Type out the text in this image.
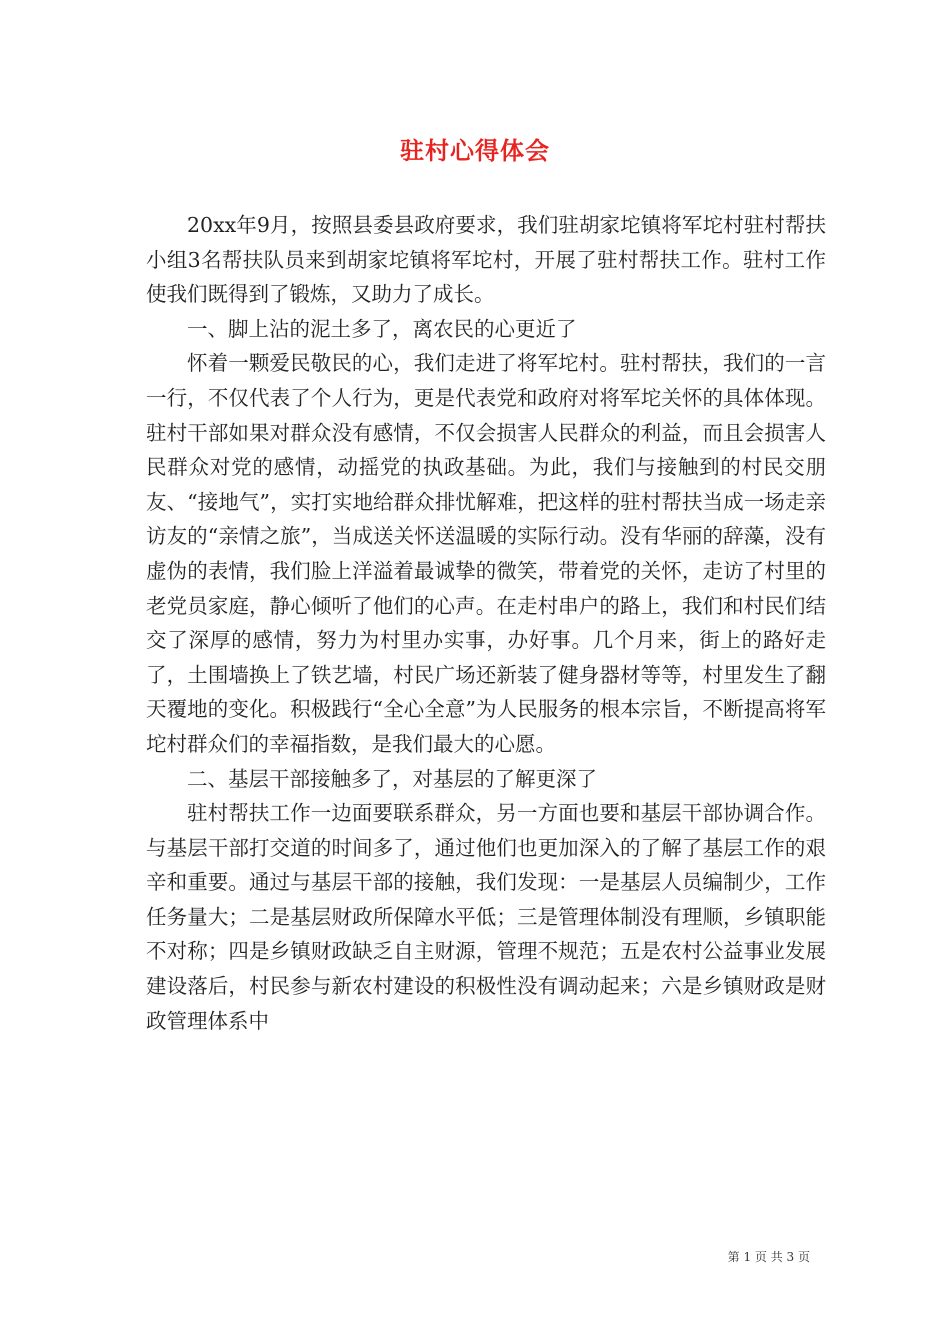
驻村心得体会

20xx年9月，按照县委县政府要求，我们驻胡家坨镇将军坨村驻村帮扶小组3名帮扶队员来到胡家坨镇将军坨村，开展了驻村帮扶工作。驻村工作使我们既得到了锻炼，又助力了成长。

一、脚上沾的泥土多了，离农民的心更近了

怀着一颗爱民敬民的心，我们走进了将军坨村。驻村帮扶，我们的一言一行，不仅代表了个人行为，更是代表党和政府对将军坨关怀的具体体现。驻村干部如果对群众没有感情，不仅会损害人民群众的利益，而且会损害人民群众对党的感情，动摇党的执政基础。为此，我们与接触到的村民交朋友、“接地气”，实打实地给群众排忧解难，把这样的驻村帮扶当成一场走亲访友的“亲情之旅”，当成送关怀送温暖的实际行动。没有华丽的辞藻，没有虚伪的表情，我们脸上洋溢着最诚挚的微笑，带着党的关怀，走访了村里的老党员家庭，静心倾听了他们的心声。在走村串户的路上，我们和村民们结交了深厚的感情，努力为村里办实事，办好事。几个月来，街上的路好走了，土围墙换上了铁艺墙，村民广场还新装了健身器材等等，村里发生了翻天覆地的变化。积极践行“全心全意”为人民服务的根本宗旨，不断提高将军坨村群众们的幸福指数，是我们最大的心愿。

二、基层干部接触多了，对基层的了解更深了

驻村帮扶工作一边面要联系群众，另一方面也要和基层干部协调合作。与基层干部打交道的时间多了，通过他们也更加深入的了解了基层工作的艰辛和重要。通过与基层干部的接触，我们发现：一是基层人员编制少，工作任务量大；二是基层财政所保障水平低；三是管理体制没有理顺，乡镇职能不对称；四是乡镇财政缺乏自主财源，管理不规范；五是农村公益事业发展建设落后，村民参与新农村建设的积极性没有调动起来；六是乡镇财政是财政管理体系中

第 1 页 共 3 页
